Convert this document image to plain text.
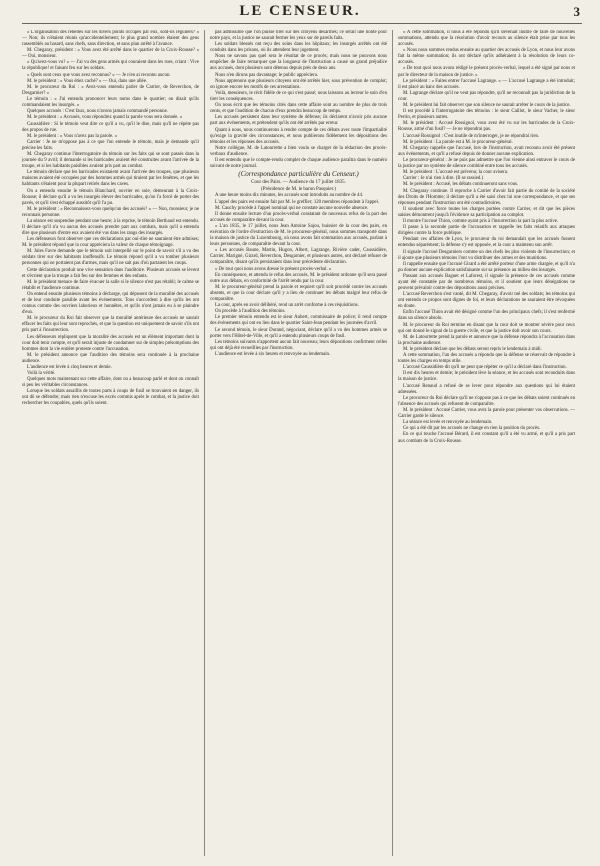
LE CENSEUR.	3

« L'organisation des rebelles sur les divers points occupés par eux, sont-ils réguliers? » — Non; ils n'étaient réunis qu'accidentellement; le plus grand nombre étaient des gens rassemblés au hasard, sans chefs, sans direction, et sans plan arrêté à l'avance.

M. Chegaray, président : « Vous avez été arrêté dans le quartier de la Croix-Rousse? » — Oui, monsieur.

« Qu'avez-vous vu? » — J'ai vu des gens armés qui couraient dans les rues, criant : Vive la république! et faisant feu sur les soldats.

« Quels sont ceux que vous avez reconnus? » — Je n'en ai reconnu aucun.

M. le président : « Vous étiez caché? » — Oui, dans une allée.

M. le procureur du Roi : « Avez-vous entendu parler de Carrier, de Reverchon, de Desgarnier? »

Le témoin : « J'ai entendu prononcer leurs noms dans le quartier; on disait qu'ils commandaient les insurgés. »

Quelques accusés : C'est faux, nous n'avons jamais commandé personne.

M. le président : « Accusés, vous répondrez quand la parole vous sera donnée. »

Caussidière : Si le témoin veut dire ce qu'il a vu, qu'il le dise, mais qu'il ne répète pas des propos de rue.

M. le président : « Vous n'avez pas la parole. »

Carrier : Je ne m'oppose pas à ce que l'on entende le témoin, mais je demande qu'il précise les faits.

M. Chegaray continue l'interrogatoire du témoin sur les faits qui se sont passés dans la journée du 9 avril; il demande si les barricades avaient été construites avant l'arrivée de la troupe, et si les habitants paisibles avaient pris part au combat.

Le témoin déclare que les barricades existaient avant l'arrivée des troupes, que plusieurs maisons avaient été occupées par des hommes armés qui tiraient par les fenêtres, et que les habitants s'étaient pour la plupart retirés dans les caves.

On a entendu ensuite le témoin Blanchard, ouvrier en soie, demeurant à la Croix-Rousse; il déclare qu'il a vu les insurgés élever des barricades, qu'on l'a forcé de porter des pavés, et qu'il s'est échappé aussitôt qu'il l'a pu.

M. le président : « Reconnaissez-vous quelqu'un des accusés? » — Non, monsieur, je ne reconnais personne.

La séance est suspendue pendant une heure; à la reprise, le témoin Berthaud est entendu. Il déclare qu'il n'a vu aucun des accusés prendre part aux combats, mais qu'il a entendu dire que plusieurs d'entre eux avaient été vus dans les rangs des insurgés.

Les défenseurs font observer que ces déclarations par ouï-dire ne sauraient être admises; M. le président répond que la cour appréciera la valeur de chaque témoignage.

M. Jules Favre demande que le témoin soit interpellé sur le point de savoir s'il a vu des soldats tirer sur des habitants inoffensifs. Le témoin répond qu'il a vu tomber plusieurs personnes qui ne portaient pas d'armes, mais qu'il ne sait pas d'où partaient les coups.

Cette déclaration produit une vive sensation dans l'auditoire. Plusieurs accusés se lèvent et s'écrient que la troupe a fait feu sur des femmes et des enfants.

M. le président menace de faire évacuer la salle si le silence n'est pas rétabli; le calme se rétablit et l'audience continue.

On entend ensuite plusieurs témoins à décharge, qui déposent de la moralité des accusés et de leur conduite paisible avant les événements. Tous s'accordent à dire qu'ils les ont connus comme des ouvriers laborieux et honnêtes, et qu'ils n'ont jamais eu à se plaindre d'eux.

M. le procureur du Roi fait observer que la moralité antérieure des accusés ne saurait effacer les faits qui leur sont reprochés, et que la question est uniquement de savoir s'ils ont pris part à l'insurrection.

Les défenseurs répliquent que la moralité des accusés est un élément important dont la cour doit tenir compte, et qu'il serait injuste de condamner sur de simples présomptions des hommes dont la vie entière proteste contre l'accusation.

M. le président annonce que l'audition des témoins sera continuée à la prochaine audience.

L'audience est levée à cinq heures et demie.

Voilà la vérité.

Quelques mots maintenant sur cette affaire, dont on a beaucoup parlé et dont on connaît si peu les véritables circonstances.

Lorsque les soldats assaillis de toutes parts à coups de fusil se trouvaient en danger, ils ont dû se défendre; mais rien n'excuse les excès commis après le combat, et la justice doit rechercher les coupables, quels qu'ils soient.

pas admissible que l'on puisse tirer sur des citoyens désarmés; ce serait une honte pour notre pays, et la justice ne saurait fermer les yeux sur de pareils faits.

Les soldats blessés ont reçu des soins dans les hôpitaux; les insurgés arrêtés ont été conduits dans les prisons, où ils attendent leur jugement.

Nous ne savons pas quel sera le résultat de ce procès; mais nous ne pouvons nous empêcher de faire remarquer que la longueur de l'instruction a causé un grand préjudice aux accusés, dont plusieurs sont détenus depuis près de deux ans.

Nous n'en dirons pas davantage; le public appréciera.

Nous apprenons que plusieurs citoyens ont été arrêtés hier, sous prévention de complot; on ignore encore les motifs de ces arrestations.

Voilà, messieurs, le récit fidèle de ce qui s'est passé; nous laissons au lecteur le soin d'en tirer les conséquences.

On nous écrit que les témoins cités dans cette affaire sont au nombre de plus de trois cents, et que l'audition de chacun d'eux prendra beaucoup de temps.

Les accusés persistent dans leur système de défense; ils déclarent n'avoir pris aucune part aux événements, et prétendent qu'ils ont été arrêtés par erreur.

Quant à nous, nous continuerons à rendre compte de ces débats avec toute l'impartialité qu'exige la gravité des circonstances, et nous publierons fidèlement les dépositions des témoins et les réponses des accusés.

Notre collègue, M. de Latourrette a bien voulu se charger de la rédaction des procès-verbaux d'audience.

Il est entendu que le compte-rendu complet de chaque audience paraîtra dans le numéro suivant de notre journal.

(Correspondance particulière du Censeur.)

Cour des Pairs. — Audience du 17 juillet 1835.

(Présidence de M. le baron Pasquier.)

A une heure moins dix minutes, les accusés sont introduits au nombre de 44.

L'appel des pairs est ensuite fait par M. le greffier; 120 membres répondent à l'appel.

M. Cauchy procède à l'appel nominal qui ne constate aucune nouvelle absence.

Il donne ensuite lecture d'un procès-verbal constatant de nouveaux refus de la part des accusés de comparaître devant la cour.

« L'an 1835, le 17 juillet, nous Jean Antoine Sajou, huissier de la cour des pairs, en exécution de l'ordre d'extraction de M. le procureur-général, nous sommes transporté dans la maison de justice du Luxembourg, où nous avons fait sommation aux accusés, parlant à leurs personnes, de comparaître devant la cour.

» Les accusés Baune, Martin, Hugon, Albert, Lagrange, Rivière cadet, Caussidière, Carrier, Marigné, Girard, Reverchon, Desgarnier, et plusieurs autres, ont déclaré refuser de comparaître, disant qu'ils persistaient dans leur précédente déclaration.

» De tout quoi nous avons dressé le présent procès-verbal. »

En conséquence, et attendu le refus des accusés, M. le président ordonne qu'il sera passé outre aux débats, en conformité de l'arrêt rendu par la cour.

M. le procureur-général prend la parole et requiert qu'il soit procédé contre les accusés absents, et que la cour déclare qu'il y a lieu de continuer les débats malgré leur refus de comparaître.

La cour, après en avoir délibéré, rend un arrêt conforme à ces réquisitions.

On procède à l'audition des témoins.

Le premier témoin entendu est le sieur Aubert, commissaire de police; il rend compte des événements qui ont eu lieu dans le quartier Saint-Jean pendant les journées d'avril.

Le second témoin, le sieur Durand, négociant, déclare qu'il a vu des hommes armés se porter vers l'Hôtel-de-Ville, et qu'il a entendu plusieurs coups de fusil.

Les témoins suivants n'apportent aucun fait nouveau; leurs dépositions confirment celles qui ont déjà été recueillies par l'instruction.

L'audience est levée à six heures et renvoyée au lendemain.

« A cette sommation, il nous a été répondu qu'il devenait inutile de faire de nouvelles sommations, attendu que la résolution d'avoir recours au silence était prise par tous les accusés.

» Nous nous sommes rendus ensuite au quartier des accusés de Lyon, et nous leur avons fait la même sommation; ils ont déclaré qu'ils adhéraient à la résolution de leurs co-accusés.

» De tout quoi nous avons rédigé le présent procès-verbal, lequel a été signé par nous et par le directeur de la maison de justice. »

Le président : « Faites entrer l'accusé Lagrange. » — L'accusé Lagrange a été introduit; il est placé au banc des accusés.

M. Lagrange déclare qu'il ne veut pas répondre, qu'il ne reconnaît pas la juridiction de la cour.

M. le président lui fait observer que son silence ne saurait arrêter le cours de la justice.

Il est procédé à l'interrogatoire des témoins : le sieur Caillot, le sieur Vacher, le sieur Perrin, et plusieurs autres.

M. le président : Accusé Rossignol, vous avez été vu sur les barricades de la Croix-Rousse, armé d'un fusil? — Je ne répondrai pas.

L'accusé Rossignol : C'est inutile de m'interroger, je ne répondrai rien.

M. le président : La parole est à M. le procureur-général.

M. Chegaray rappelle que l'accusé, lors de l'instruction, avait reconnu avoir été présent aux événements, et qu'il a refusé depuis de donner aucune explication.

Le procureur-général : Je ne puis pas admettre que l'on vienne ainsi entraver le cours de la justice par un système de silence combiné entre tous les accusés.

M. le président : L'accusé est prévenu; la cour avisera.

Carrier : Je n'ai rien à dire. (Il se rassied.)

M. le président : Accusé, les débats continueront sans vous.

M. Chegaray continue. Il reproche à Carrier d'avoir fait partie du comité de la société des Droits de l'Homme; il déclare qu'il a été saisi chez lui une correspondance, et que ses réponses pendant l'instruction ont été contradictoires.

Il soutient avec force toutes les charges portées contre Carrier, et dit que les pièces saisies démontrent jusqu'à l'évidence sa participation au complot.

Il montre l'accusé Thion, comme ayant pris à l'insurrection la part la plus active.

Il passe à la seconde partie de l'accusation et rappelle les faits relatifs aux attaques dirigées contre la force publique.

Pendant ces affaires de Lyon, le procureur du roi demandait que les accusés fussent entendus séparément; la défense s'y est opposée, et la cour a maintenu son arrêt.

Il signale l'accusé Desgarniers comme un des chefs les plus violents de l'insurrection; et il ajoute que plusieurs témoins l'ont vu distribuer des armes et des munitions.

Il rappelle ensuite que l'accusé Girard a été arrêté porteur d'une arme chargée, et qu'il n'a pu donner aucune explication satisfaisante sur sa présence au milieu des insurgés.

Passant aux accusés Baguet et Laforest, il signale la présence de ces accusés comme ayant été constatée par de nombreux témoins, et il soutient que leurs dénégations ne peuvent prévaloir contre des dépositions aussi précises.

L'accusé Reverchon s'est vanté, dit M. Chegaray, d'avoir tué des soldats; les témoins qui ont entendu ce propos sont dignes de foi, et leurs déclarations ne sauraient être révoquées en doute.

Enfin l'accusé Thion avait été désigné comme l'un des principaux chefs; il s'est renfermé dans un silence absolu.

M. le procureur du Roi termine en disant que la cour doit se montrer sévère pour ceux qui ont donné le signal de la guerre civile, et que la justice doit avoir son cours.

M. de Latourrette prend la parole et annonce que la défense répondra à l'accusation dans la prochaine audience.

M. le président déclare que les débats seront repris le lendemain à midi.

A cette sommation, l'un des accusés a répondu que la défense se réservait de répondre à toutes les charges en temps utile.

L'accusé Caussidière dit qu'il ne peut que répéter ce qu'il a déclaré dans l'instruction.

Il est dix heures et demie; le président lève la séance, et les accusés sont reconduits dans la maison de justice.

L'accusé Renaud a refusé de se lever pour répondre aux questions qui lui étaient adressées.

Le procureur du Roi déclare qu'il ne s'oppose pas à ce que les débats soient continués en l'absence des accusés qui refusent de comparaître.

M. le président : Accusé Carrier, vous avez la parole pour présenter vos observations. — Carrier garde le silence.

La séance est levée et renvoyée au lendemain.

Ce qui a été dit par les accusés ne change en rien la position du procès.

En ce qui touche l'accusé Bérard, il est constant qu'il a été vu armé, et qu'il a pris part aux combats de la Croix-Rousse.
